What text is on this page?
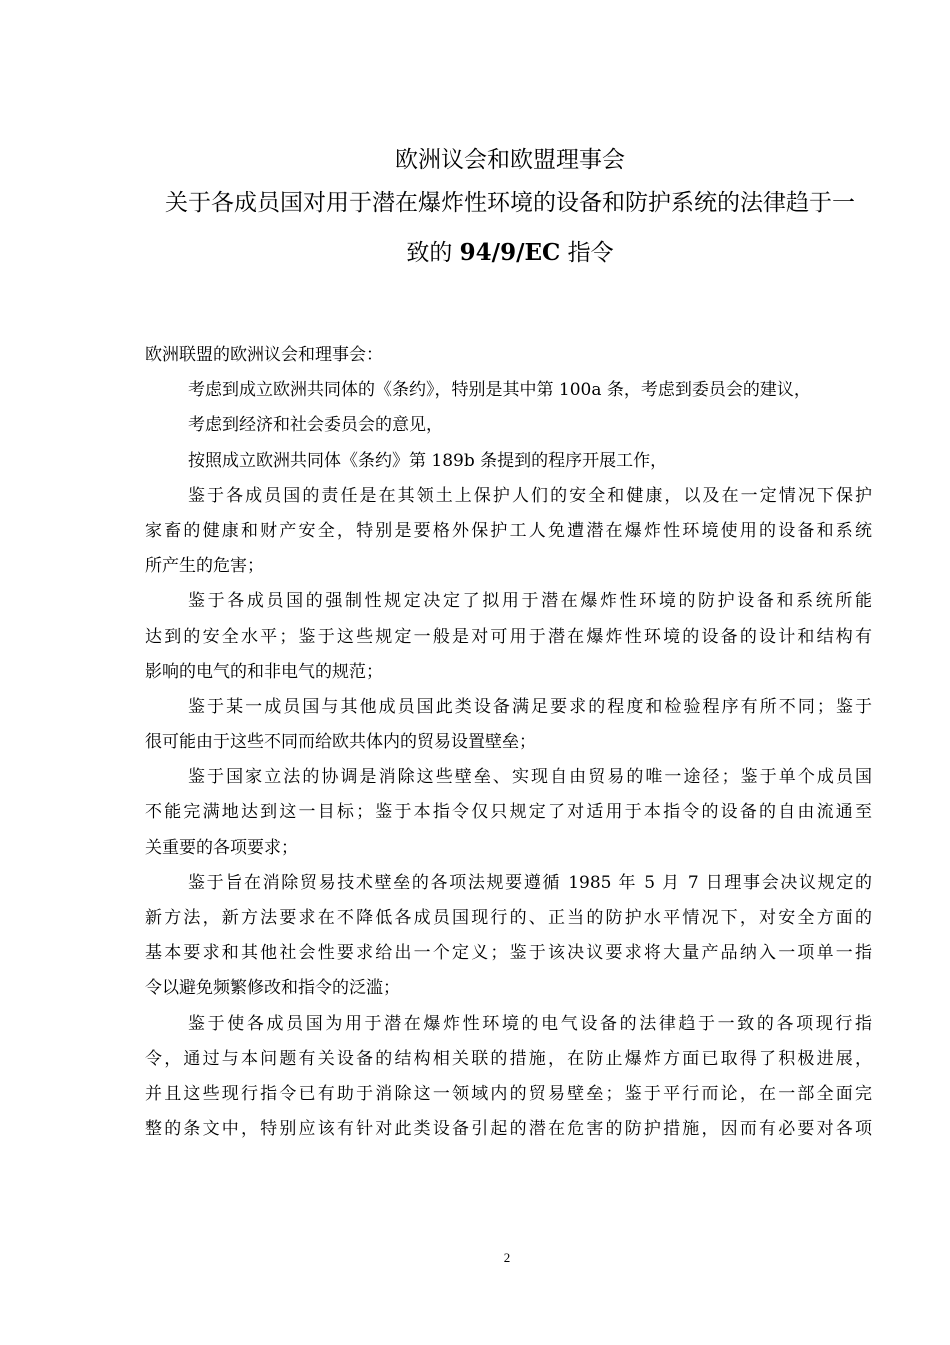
欧洲议会和欧盟理事会
关于各成员国对用于潜在爆炸性环境的设备和防护系统的法律趋于一
致的 94/9/EC 指令
欧洲联盟的欧洲议会和理事会：
考虑到成立欧洲共同体的《条约》，特别是其中第 100a 条，考虑到委员会的建议，
考虑到经济和社会委员会的意见，
按照成立欧洲共同体《条约》第 189b 条提到的程序开展工作，
鉴于各成员国的责任是在其领土上保护人们的安全和健康，以及在一定情况下保护
家畜的健康和财产安全，特别是要格外保护工人免遭潜在爆炸性环境使用的设备和系统
所产生的危害；
鉴于各成员国的强制性规定决定了拟用于潜在爆炸性环境的防护设备和系统所能
达到的安全水平；鉴于这些规定一般是对可用于潜在爆炸性环境的设备的设计和结构有
影响的电气的和非电气的规范；
鉴于某一成员国与其他成员国此类设备满足要求的程度和检验程序有所不同；鉴于
很可能由于这些不同而给欧共体内的贸易设置壁垒；
鉴于国家立法的协调是消除这些壁垒、实现自由贸易的唯一途径；鉴于单个成员国
不能完满地达到这一目标；鉴于本指令仅只规定了对适用于本指令的设备的自由流通至
关重要的各项要求；
鉴于旨在消除贸易技术壁垒的各项法规要遵循 1985 年 5 月 7 日理事会决议规定的
新方法，新方法要求在不降低各成员国现行的、正当的防护水平情况下，对安全方面的
基本要求和其他社会性要求给出一个定义；鉴于该决议要求将大量产品纳入一项单一指
令以避免频繁修改和指令的泛滥；
鉴于使各成员国为用于潜在爆炸性环境的电气设备的法律趋于一致的各项现行指
令，通过与本问题有关设备的结构相关联的措施，在防止爆炸方面已取得了积极进展，
并且这些现行指令已有助于消除这一领域内的贸易壁垒；鉴于平行而论，在一部全面完
整的条文中，特别应该有针对此类设备引起的潜在危害的防护措施，因而有必要对各项
2
